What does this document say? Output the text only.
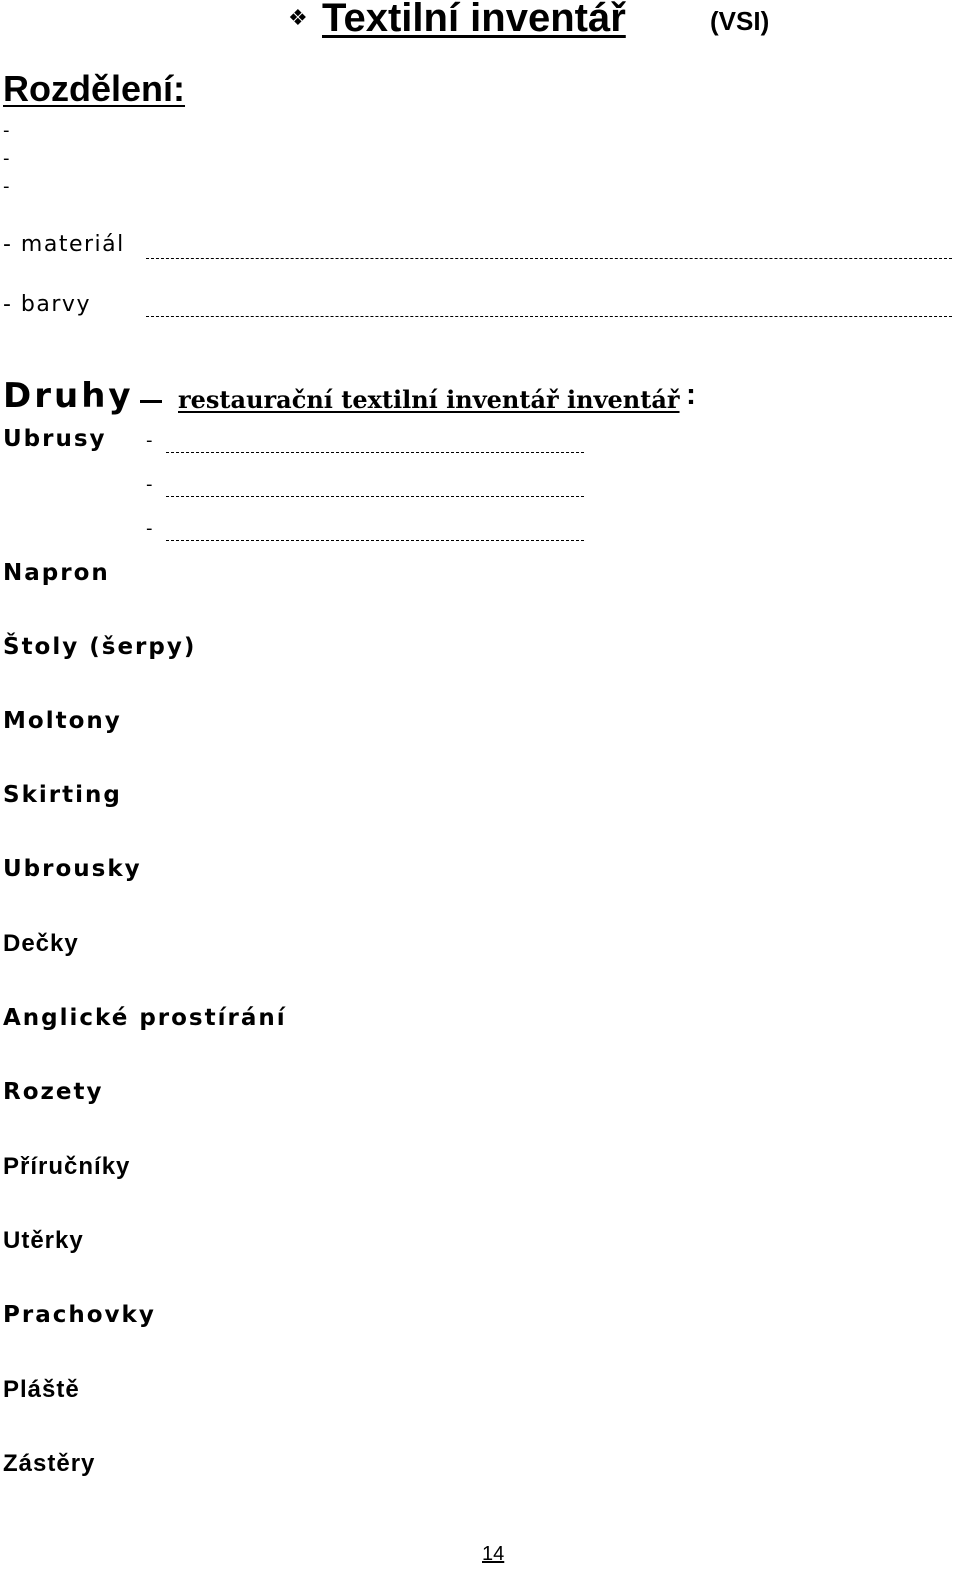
❖ Textilní inventář	(VSI)
Rozdělení:
-
-
-
- materiál
- barvy
Druhy restaurační textilní inventář inventář :
Ubrusy -
-
-
Napron
Štoly (šerpy)
Moltony
Skirting
Ubrousky
Dečky
Anglické prostírání
Rozety
Příručníky
Utěrky
Prachovky
Pláště
Zástěry
14
